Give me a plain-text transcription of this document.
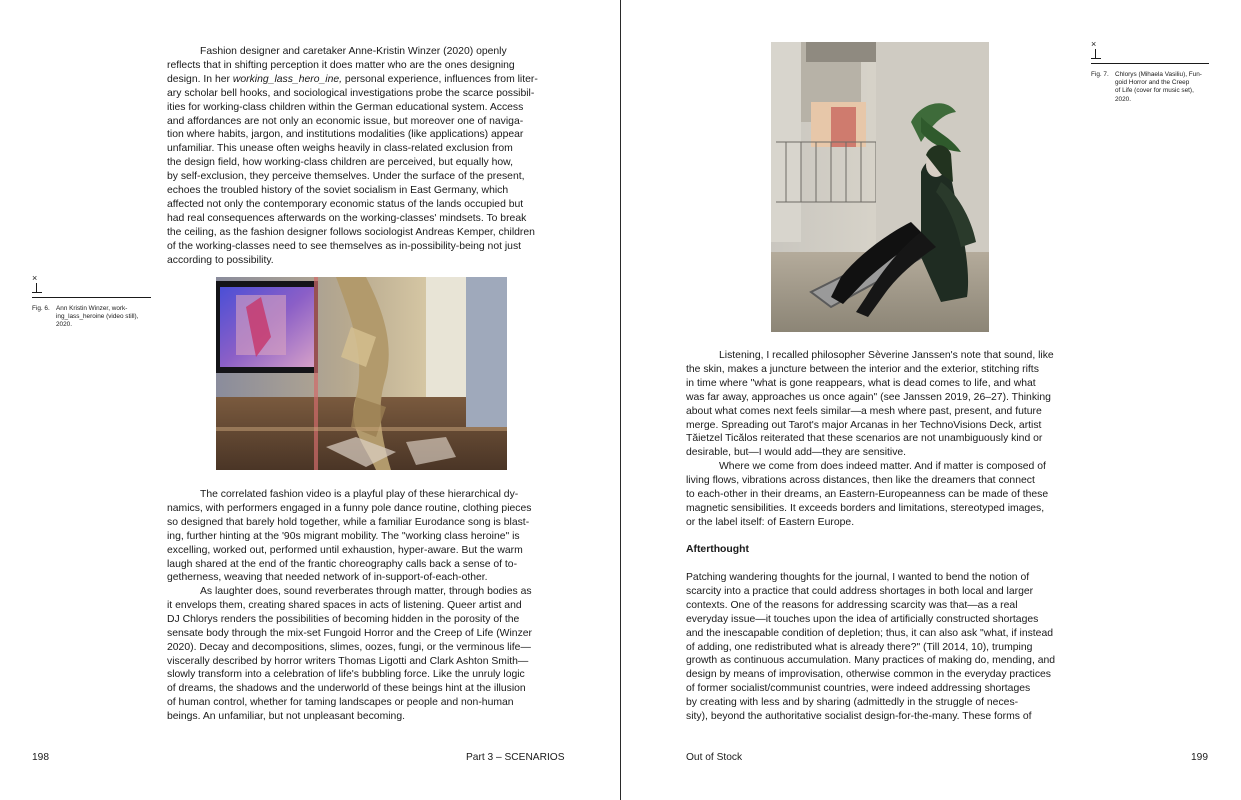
Fashion designer and caretaker Anne-Kristin Winzer (2020) openly
reflects that in shifting perception it does matter who are the ones designing
design. In her working_lass_hero_ine, personal experience, influences from liter-
ary scholar bell hooks, and sociological investigations probe the scarce possibil-
ities for working-class children within the German educational system. Access
and affordances are not only an economic issue, but moreover one of naviga-
tion where habits, jargon, and institutions modalities (like applications) appear
unfamiliar. This unease often weighs heavily in class-related exclusion from
the design field, how working-class children are perceived, but equally how,
by self-exclusion, they perceive themselves. Under the surface of the present,
echoes the troubled history of the soviet socialism in East Germany, which
affected not only the contemporary economic status of the lands occupied but
had real consequences afterwards on the working-classes' mindsets. To break
the ceiling, as the fashion designer follows sociologist Andreas Kemper, children
of the working-classes need to see themselves as in-possibility-being not just
according to possibility.

×
Fig. 6. Ann Kristin Winzer, work-
ing_lass_heroine (video still),
2020.

The correlated fashion video is a playful play of these hierarchical dy-
namics, with performers engaged in a funny pole dance routine, clothing pieces
so designed that barely hold together, while a familiar Eurodance song is blast-
ing, further hinting at the '90s migrant mobility. The "working class heroine" is
excelling, worked out, performed until exhaustion, hyper-aware. But the warm
laugh shared at the end of the frantic choreography calls back a sense of to-
getherness, weaving that needed network of in-support-of-each-other.

As laughter does, sound reverberates through matter, through bodies as
it envelops them, creating shared spaces in acts of listening. Queer artist and
DJ Chlorys renders the possibilities of becoming hidden in the porosity of the
sensate body through the mix-set Fungoid Horror and the Creep of Life (Winzer
2020). Decay and decompositions, slimes, oozes, fungi, or the verminous life—
viscerally described by horror writers Thomas Ligotti and Clark Ashton Smith—
slowly transform into a celebration of life's bubbling force. Like the unruly logic
of dreams, the shadows and the underworld of these beings hint at the illusion
of human control, whether for taming landscapes or people and non-human
beings. An unfamiliar, but not unpleasant becoming.

198	Part 3 – SCENARIOS
×
Fig. 7. Chlorys (Mihaela Vasiliu), Fun-
goid Horror and the Creep
of Life (cover for music set),
2020.

Listening, I recalled philosopher Sèverine Janssen's note that sound, like
the skin, makes a juncture between the interior and the exterior, stitching rifts
in time where "what is gone reappears, what is dead comes to life, and what
was far away, approaches us once again" (see Janssen 2019, 26–27). Thinking
about what comes next feels similar—a mesh where past, present, and future
merge. Spreading out Tarot's major Arcanas in her TechnoVisions Deck, artist
Tăietzel Ticălos reiterated that these scenarios are not unambiguously kind or
desirable, but—I would add—they are sensitive.

Where we come from does indeed matter. And if matter is composed of
living flows, vibrations across distances, then like the dreamers that connect
to each-other in their dreams, an Eastern-Europeanness can be made of these
magnetic sensibilities. It exceeds borders and limitations, stereotyped images,
or the label itself: of Eastern Europe.

Afterthought

Patching wandering thoughts for the journal, I wanted to bend the notion of
scarcity into a practice that could address shortages in both local and larger
contexts. One of the reasons for addressing scarcity was that—as a real
everyday issue—it touches upon the idea of artificially constructed shortages
and the inescapable condition of depletion; thus, it can also ask "what, if instead
of adding, one redistributed what is already there?" (Till 2014, 10), trumping
growth as continuous accumulation. Many practices of making do, mending, and
design by means of improvisation, otherwise common in the everyday practices
of former socialist/communist countries, were indeed addressing shortages
by creating with less and by sharing (admittedly in the struggle of neces-
sity), beyond the authoritative socialist design-for-the-many. These forms of

Out of Stock	199
